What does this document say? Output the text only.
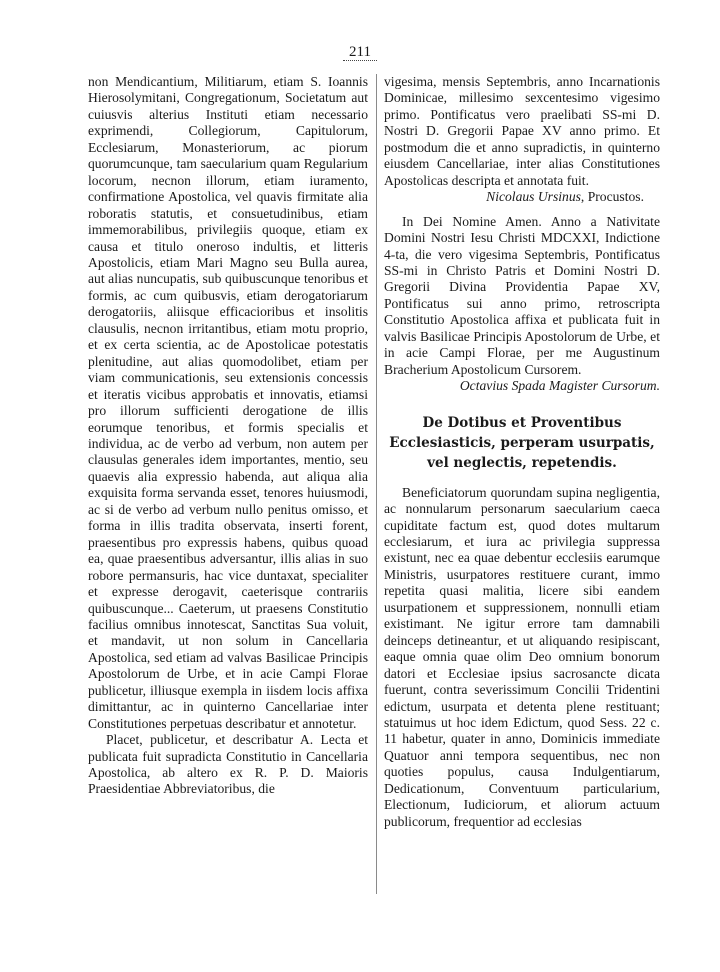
211

non Mendicantium, Militiarum, etiam S. Ioannis Hierosolymitani, Congregationum, Societatum aut cuiusvis alterius Instituti etiam necessario exprimendi, Collegiorum, Capitulorum, Ecclesiarum, Monasteriorum, ac piorum quorumcunque, tam saecularium quam Regularium locorum, necnon illorum, etiam iuramento, confirmatione Apostolica, vel quavis firmitate alia roboratis statutis, et consuetudinibus, etiam immemorabilibus, privilegiis quoque, etiam ex causa et titulo oneroso indultis, et litteris Apostolicis, etiam Mari Magno seu Bulla aurea, aut alias nuncupatis, sub quibuscunque tenoribus et formis, ac cum quibusvis, etiam derogatoriarum derogatoriis, aliisque efficacioribus et insolitis clausulis, necnon irritantibus, etiam motu proprio, et ex certa scientia, ac de Apostolicae potestatis plenitudine, aut alias quomodolibet, etiam per viam communicationis, seu extensionis concessis et iteratis vicibus approbatis et innovatis, etiamsi pro illorum sufficienti derogatione de illis eorumque tenoribus, et formis specialis et individua, ac de verbo ad verbum, non autem per clausulas generales idem importantes, mentio, seu quaevis alia expressio habenda, aut aliqua alia exquisita forma servanda esset, tenores huiusmodi, ac si de verbo ad verbum nullo penitus omisso, et forma in illis tradita observata, inserti forent, praesentibus pro expressis habens, quibus quoad ea, quae praesentibus adversantur, illis alias in suo robore permansuris, hac vice duntaxat, specialiter et expresse derogavit, caeterisque contrariis quibuscunque... Caeterum, ut praesens Constitutio facilius omnibus innotescat, Sanctitas Sua voluit, et mandavit, ut non solum in Cancellaria Apostolica, sed etiam ad valvas Basilicae Principis Apostolorum de Urbe, et in acie Campi Florae publicetur, illiusque exempla in iisdem locis affixa dimittantur, ac in quinterno Cancellariae inter Constitutiones perpetuas describatur et annotetur.

Placet, publicetur, et describatur A. Lecta et publicata fuit supradicta Constitutio in Cancellaria Apostolica, ab altero ex R. P. D. Maioris Praesidentiae Abbreviatoribus, die

vigesima, mensis Septembris, anno Incarnationis Dominicae, millesimo sexcentesimo vigesimo primo. Pontificatus vero praelibati SS-mi D. Nostri D. Gregorii Papae XV anno primo. Et postmodum die et anno supradictis, in quinterno eiusdem Cancellariae, inter alias Constitutiones Apostolicas descripta et annotata fuit.

Nicolaus Ursinus, Procustos.

In Dei Nomine Amen. Anno a Nativitate Domini Nostri Iesu Christi MDCXXI, Indictione 4-ta, die vero vigesima Septembris, Pontificatus SS-mi in Christo Patris et Domini Nostri D. Gregorii Divina Providentia Papae XV, Pontificatus sui anno primo, retroscripta Constitutio Apostolica affixa et publicata fuit in valvis Basilicae Principis Apostolorum de Urbe, et in acie Campi Florae, per me Augustinum Bracherium Apostolicum Cursorem.

Octavius Spada Magister Cursorum.

De Dotibus et Proventibus Ecclesiasticis, perperam usurpatis, vel neglectis, repetendis.

Beneficiatorum quorundam supina negligentia, ac nonnularum personarum saecularium caeca cupiditate factum est, quod dotes multarum ecclesiarum, et iura ac privilegia suppressa existunt, nec ea quae debentur ecclesiis earumque Ministris, usurpatores restituere curant, immo repetita quasi malitia, licere sibi eandem usurpationem et suppressionem, nonnulli etiam existimant. Ne igitur errore tam damnabili deinceps detineantur, et ut aliquando resipiscant, eaque omnia quae olim Deo omnium bonorum datori et Ecclesiae ipsius sacrosancte dicata fuerunt, contra severissimum Concilii Tridentini edictum, usurpata et detenta plene restituant; statuimus ut hoc idem Edictum, quod Sess. 22 c. 11 habetur, quater in anno, Dominicis immediate Quatuor anni tempora sequentibus, nec non quoties populus, causa Indulgentiarum, Dedicationum, Conventuum particularium, Electionum, Iudiciorum, et aliorum actuum publicorum, frequentior ad ecclesias
